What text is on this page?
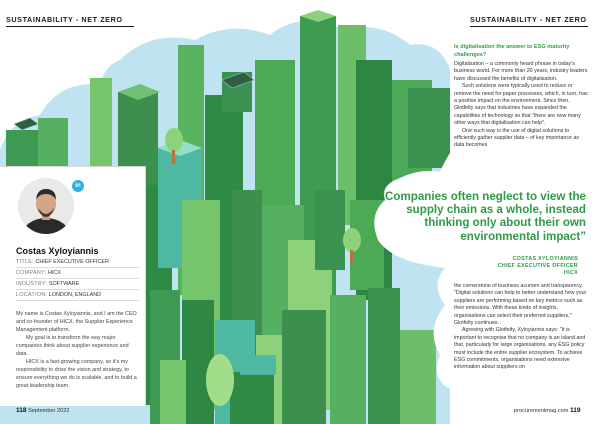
SUSTAINABILITY - NET ZERO	SUSTAINABILITY - NET ZERO
in
Costas Xyloyiannis
TITLE: CHIEF EXECUTIVE OFFICER
COMPANY: HICX
INDUSTRY: SOFTWARE
LOCATION: LONDON, ENGLAND

My name is Costas Xyloyiannis, and I am the CEO and co-founder of HICX, the Supplier Experience Management platform.

My goal is to transform the way major companies think about supplier experience and data.

HICX is a fast-growing company, so it's my responsibility to drive the vision and strategy, to ensure everything we do is scalable, and to build a great leadership team.

118 September 2022	procurementmag.com 119
Is digitalisation the answer to ESG maturity challenges?

Digitalisation – a commonly heard phrase in today's business world. For more than 20 years, industry leaders have discussed the benefits of digitalisation.

Such solutions were typically used to reduce or remove the need for paper processes, which, in turn, has a positive impact on the environment. Since then, Glotfelty says that industries have expanded the capabilities of technology so that "there are now many other ways that digitalisation can help".

One such way is the use of digital solutions to efficiently gather supplier data – of key importance as data becomes

“Companies often neglect to view the supply chain as a whole, instead thinking only about their own environmental impact”
COSTAS XYLOYIANNIS
CHIEF EXECUTIVE OFFICER
HICX

the cornerstone of business acumen and transparency. "Digital solutions can help to better understand how your suppliers are performing based on key metrics such as their emissions. With these kinds of insights, organisations can select their preferred suppliers," Glotfelty continues.

Agreeing with Glotfelty, Xyloyiannis says: "It is important to recognise that no company is an island and that, particularly for large organisations, any ESG policy must include the entire supplier ecosystem. To achieve ESG commitments, organisations need extensive information about suppliers on
